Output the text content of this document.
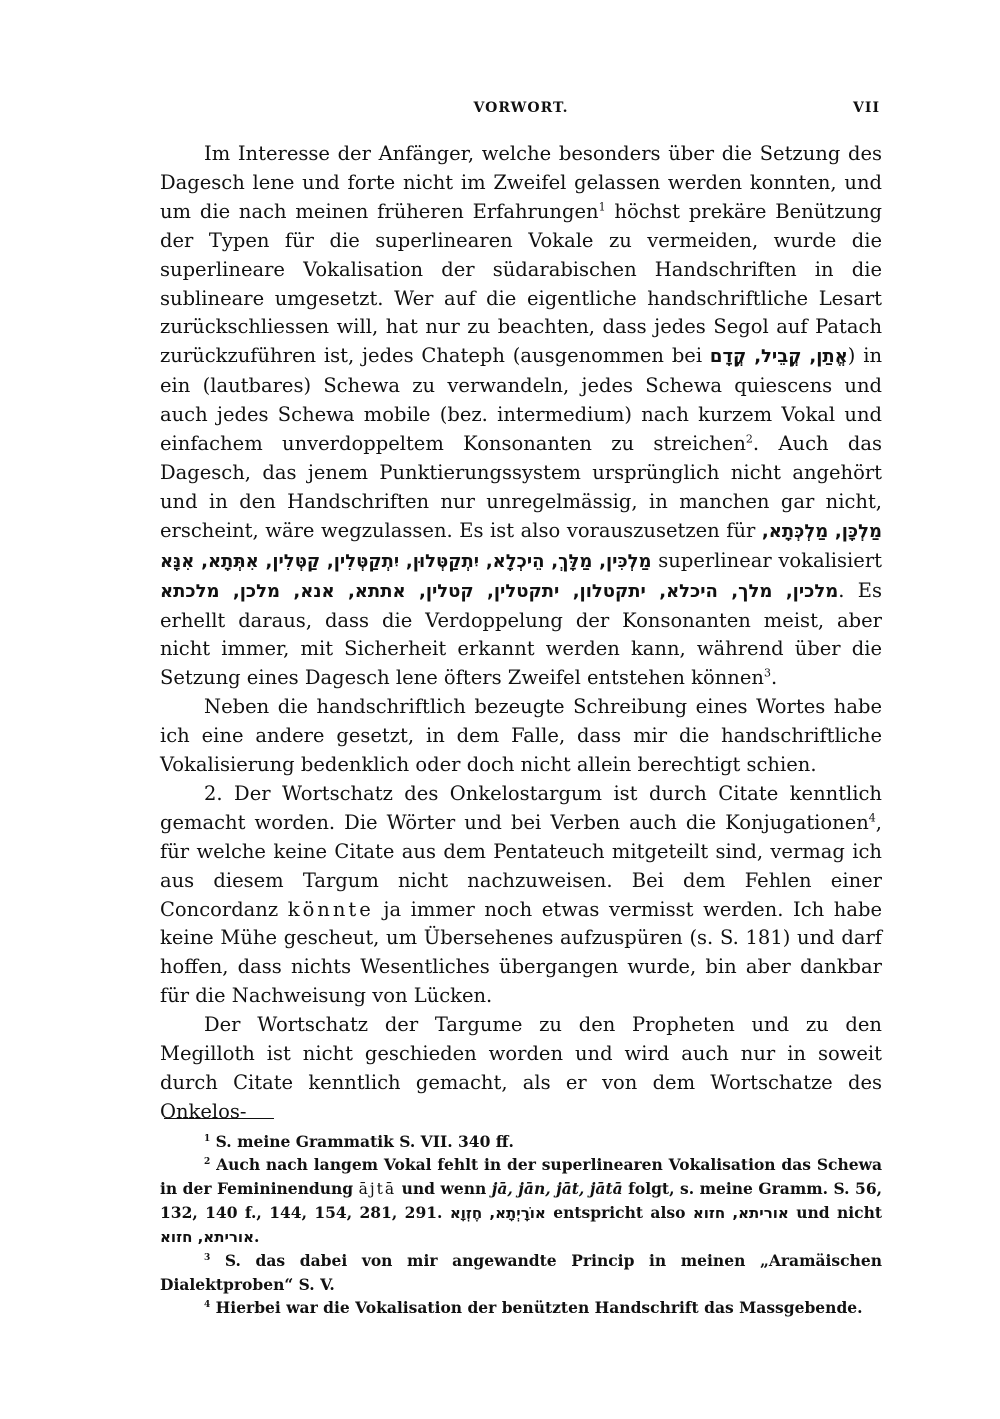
VORWORT.	VII

Im Interesse der Anfänger, welche besonders über die Setzung des Dagesch lene und forte nicht im Zweifel gelassen werden konnten, und um die nach meinen früheren Erfahrungen$^1$ höchst prekäre Benützung der Typen für die superlinearen Vokale zu vermeiden, wurde die superlineare Vokalisation der südarabischen Handschriften in die sublineare umgesetzt. Wer auf die eigentliche handschriftliche Lesart zurückschliessen will, hat nur zu beachten, dass jedes Segol auf Patach zurückzuführen ist, jedes Chateph (ausgenommen bei אֱתַן, קֳבֵיל, קֳדָם) in ein (lautbares) Schewa zu verwandeln, jedes Schewa quiescens und auch jedes Schewa mobile (bez. intermedium) nach kurzem Vokal und einfachem unverdoppeltem Konsonanten zu streichen$^2$. Auch das Dagesch, das jenem Punktierungssystem ursprünglich nicht angehört und in den Handschriften nur unregelmässig, in manchen gar nicht, erscheint, wäre wegzulassen. Es ist also vorauszusetzen für מַלְכָּן, מַלְכְּתָא, מַלְכִּין, מַלָּךְ, הֵיכְלָא, יִתְקַטְּלוּן, יִתְקַטְּלִין, קַטְּלִין, אִתְּתָא, אִנָּא superlinear vokalisiert מלכין, מלך, היכלא, יתקטלון, יתקטלין, קטלין, אתתא, אנא, מלכן, מלכתא. Es erhellt daraus, dass die Verdoppelung der Konsonanten meist, aber nicht immer, mit Sicherheit erkannt werden kann, während über die Setzung eines Dagesch lene öfters Zweifel entstehen können$^3$.

Neben die handschriftlich bezeugte Schreibung eines Wortes habe ich eine andere gesetzt, in dem Falle, dass mir die handschriftliche Vokalisierung bedenklich oder doch nicht allein berechtigt schien.

2. Der Wortschatz des Onkelostargum ist durch Citate kenntlich gemacht worden. Die Wörter und bei Verben auch die Konjugationen$^4$, für welche keine Citate aus dem Pentateuch mitgeteilt sind, vermag ich aus diesem Targum nicht nachzuweisen. Bei dem Fehlen einer Concordanz könnte ja immer noch etwas vermisst werden. Ich habe keine Mühe gescheut, um Übersehenes aufzuspüren (s. S. 181) und darf hoffen, dass nichts Wesentliches übergangen wurde, bin aber dankbar für die Nachweisung von Lücken.

Der Wortschatz der Targume zu den Propheten und zu den Megilloth ist nicht geschieden worden und wird auch nur in soweit durch Citate kenntlich gemacht, als er von dem Wortschatze des Onkelos-

$^1$ S. meine Grammatik S. VII. 340 ff.

$^2$ Auch nach langem Vokal fehlt in der superlinearen Vokalisation das Schewa in der Femininendung ājtā und wenn jā, jān, jāt, jātā folgt, s. meine Gramm. S. 56, 132, 140 f., 144, 154, 281, 291. אוֹרָיְתָא, חֶזְוָא entspricht also אוריתא, חזוא und nicht אוריתא, חזוא.

$^3$ S. das dabei von mir angewandte Princip in meinen „Aramäischen Dialektproben“ S. V.

$^4$ Hierbei war die Vokalisation der benützten Handschrift das Massgebende.
